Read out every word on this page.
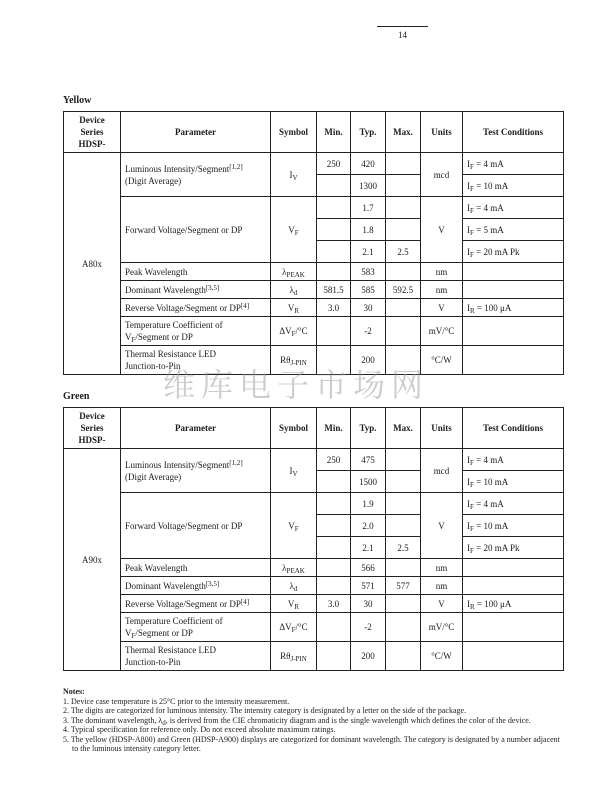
14
维库电子市场网
Yellow
Device
Series
HDSP-	Parameter	Symbol	Min.	Typ.	Max.	Units	Test Conditions
A80x	Luminous Intensity/Segment[1,2]
(Digit Average)	$I_V$	250	420		mcd	$I_F = 4$ mA
				1300			$I_F = 10$ mA
	Forward Voltage/Segment or DP	$V_F$		1.7		V	$I_F = 4$ mA
				1.8			$I_F = 5$ mA
				2.1	2.5		$I_F = 20$ mA Pk
	Peak Wavelength	$\lambda_{PEAK}$		583		nm	
	Dominant Wavelength[3,5]	$\lambda_d$	581.5	585	592.5	nm	
	Reverse Voltage/Segment or DP[4]	$V_R$	3.0	30		V	$I_R = 100$ μA
	Temperature Coefficient of
$V_F$/Segment or DP	$\Delta V_F/^\circ C$		-2		mV/°C	
	Thermal Resistance LED
Junction-to-Pin	$R\theta_{J-PIN}$		200		°C/W	
Green
Device
Series
HDSP-	Parameter	Symbol	Min.	Typ.	Max.	Units	Test Conditions
A90x	Luminous Intensity/Segment[1,2]
(Digit Average)	$I_V$	250	475		mcd	$I_F = 4$ mA
				1500			$I_F = 10$ mA
	Forward Voltage/Segment or DP	$V_F$		1.9		V	$I_F = 4$ mA
				2.0			$I_F = 10$ mA
				2.1	2.5		$I_F = 20$ mA Pk
	Peak Wavelength	$\lambda_{PEAK}$		566		nm	
	Dominant Wavelength[3,5]	$\lambda_d$		571	577	nm	
	Reverse Voltage/Segment or DP[4]	$V_R$	3.0	30		V	$I_R = 100$ μA
	Temperature Coefficient of
$V_F$/Segment or DP	$\Delta V_F/^\circ C$		-2		mV/°C	
	Thermal Resistance LED
Junction-to-Pin	$R\theta_{J-PIN}$		200		°C/W	
Notes:
1. Device case temperature is 25°C prior to the intensity measurement.
2. The digits are categorized for luminous intensity. The intensity category is designated by a letter on the side of the package.
3. The dominant wavelength, $\lambda_d$, is derived from the CIE chromaticity diagram and is the single wavelength which defines the color of the device.
4. Typical specification for reference only. Do not exceed absolute maximum ratings.
5. The yellow (HDSP-A800) and Green (HDSP-A900) displays are categorized for dominant wavelength. The category is designated by a number adjacent to the luminous intensity category letter.
